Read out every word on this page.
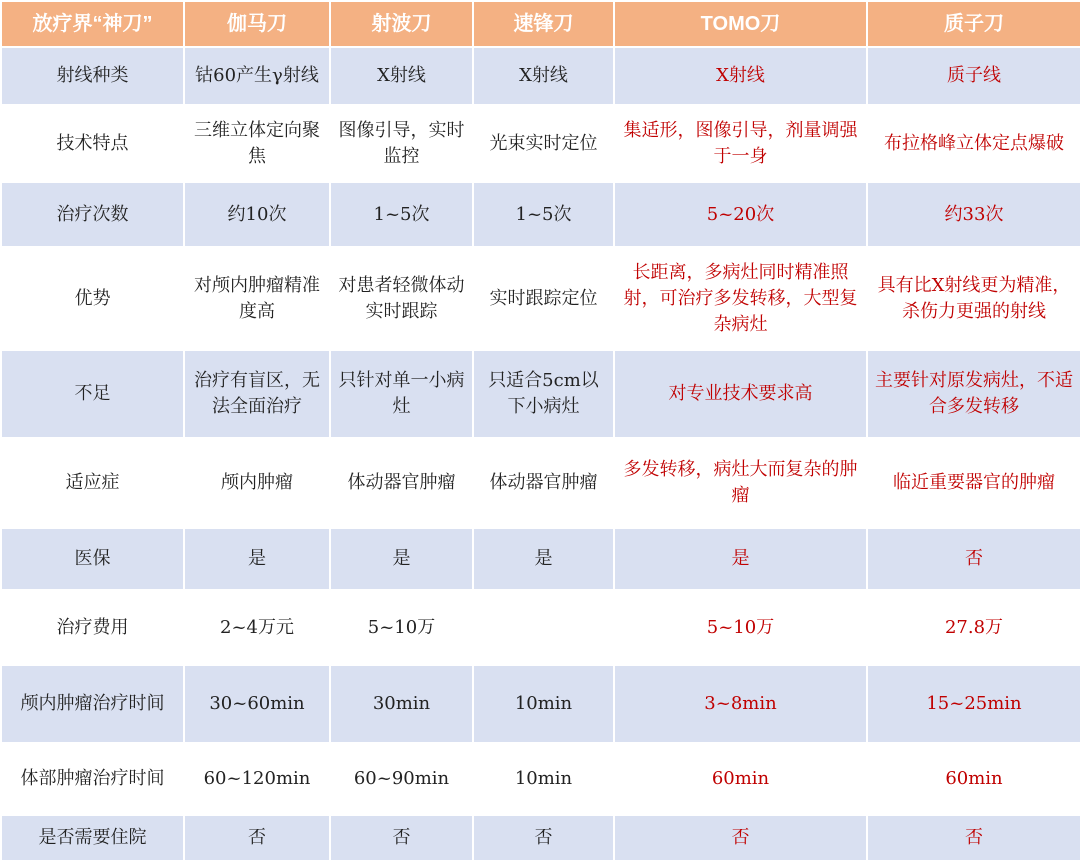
放疗界“神刀”	伽马刀	射波刀	速锋刀	TOMO刀	质子刀
射线种类	钴60产生γ射线	X射线	X射线	X射线	质子线
技术特点	三维立体定向聚焦	图像引导，实时监控	光束实时定位	集适形，图像引导，剂量调强于一身	布拉格峰立体定点爆破
治疗次数	约10次	1~5次	1~5次	5~20次	约33次
优势	对颅内肿瘤精准度高	对患者轻微体动实时跟踪	实时跟踪定位	长距离，多病灶同时精准照射，可治疗多发转移，大型复杂病灶	具有比X射线更为精准，杀伤力更强的射线
不足	治疗有盲区，无法全面治疗	只针对单一小病灶	只适合5cm以下小病灶	对专业技术要求高	主要针对原发病灶，不适合多发转移
适应症	颅内肿瘤	体动器官肿瘤	体动器官肿瘤	多发转移，病灶大而复杂的肿瘤	临近重要器官的肿瘤
医保	是	是	是	是	否
治疗费用	2~4万元	5~10万		5~10万	27.8万
颅内肿瘤治疗时间	30~60min	30min	10min	3~8min	15~25min
体部肿瘤治疗时间	60~120min	60~90min	10min	60min	60min
是否需要住院	否	否	否	否	否
